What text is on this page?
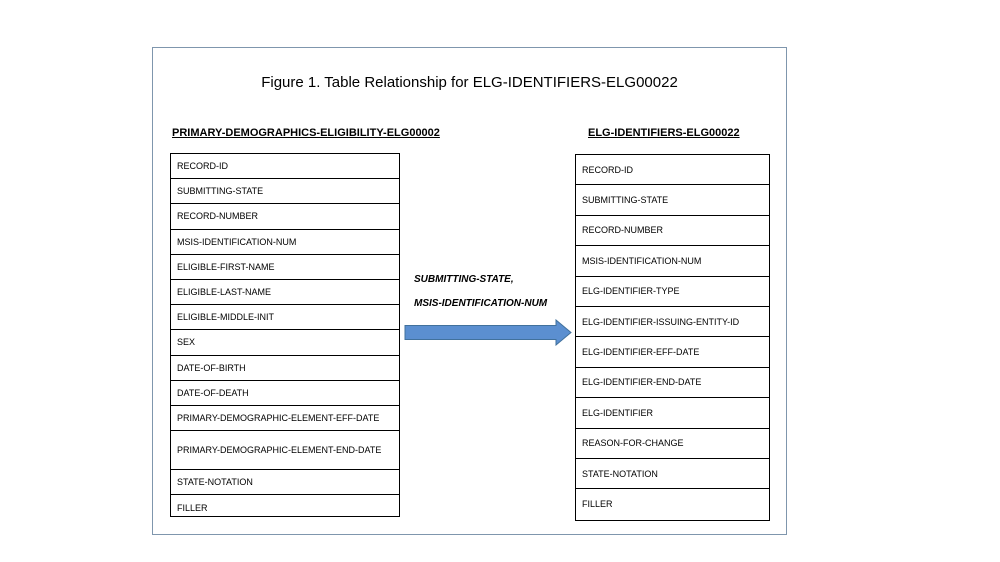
Figure 1. Table Relationship for ELG-IDENTIFIERS-ELG00022
PRIMARY-DEMOGRAPHICS-ELIGIBILITY-ELG00002	ELG-IDENTIFIERS-ELG00022
RECORD-ID
SUBMITTING-STATE
RECORD-NUMBER
MSIS-IDENTIFICATION-NUM
ELIGIBLE-FIRST-NAME
ELIGIBLE-LAST-NAME
ELIGIBLE-MIDDLE-INIT
SEX
DATE-OF-BIRTH
DATE-OF-DEATH
PRIMARY-DEMOGRAPHIC-ELEMENT-EFF-DATE
PRIMARY-DEMOGRAPHIC-ELEMENT-END-DATE
STATE-NOTATION
FILLER
SUBMITTING-STATE,
MSIS-IDENTIFICATION-NUM
RECORD-ID
SUBMITTING-STATE
RECORD-NUMBER
MSIS-IDENTIFICATION-NUM
ELG-IDENTIFIER-TYPE
ELG-IDENTIFIER-ISSUING-ENTITY-ID
ELG-IDENTIFIER-EFF-DATE
ELG-IDENTIFIER-END-DATE
ELG-IDENTIFIER
REASON-FOR-CHANGE
STATE-NOTATION
FILLER
